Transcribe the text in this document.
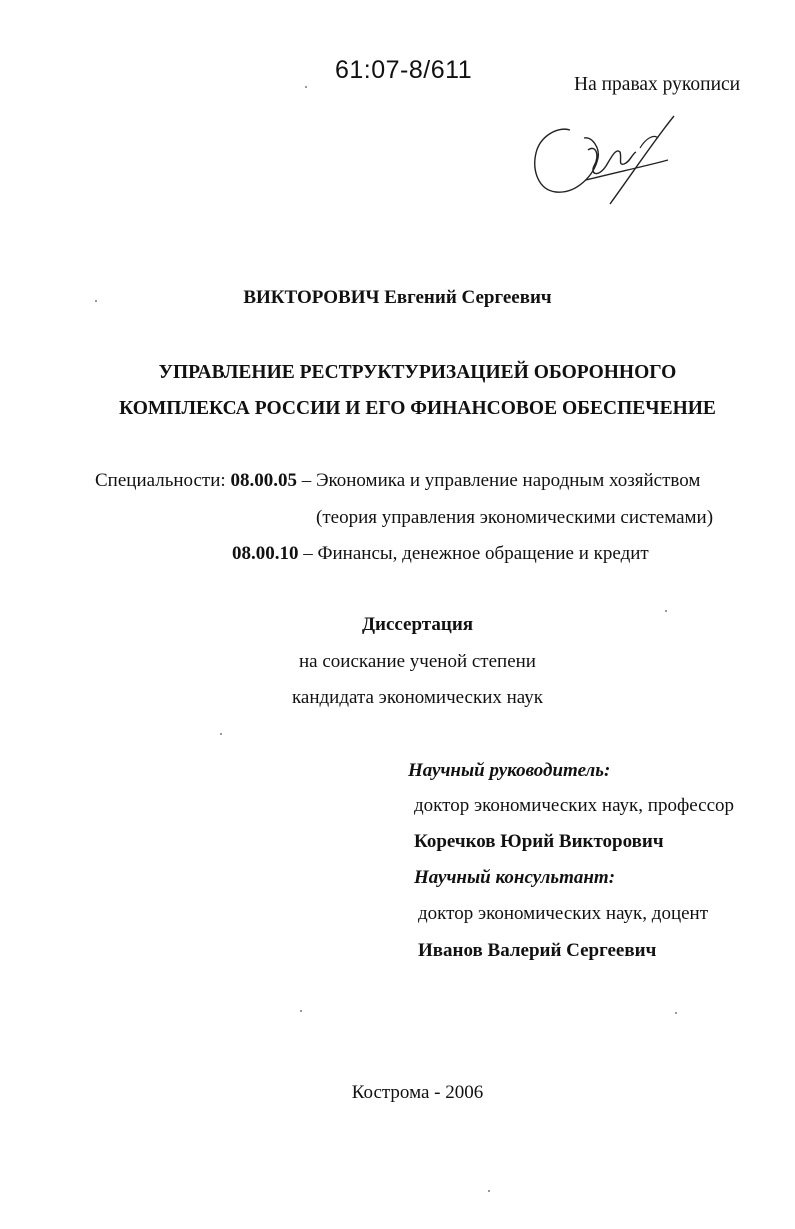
61:07-8/611
На правах рукописи
ВИКТОРОВИЧ Евгений Сергеевич
УПРАВЛЕНИЕ РЕСТРУКТУРИЗАЦИЕЙ ОБОРОННОГО
КОМПЛЕКСА РОССИИ И ЕГО ФИНАНСОВОЕ ОБЕСПЕЧЕНИЕ
Специальности: 08.00.05 – Экономика и управление народным хозяйством
(теория управления экономическими системами)
08.00.10 – Финансы, денежное обращение и кредит
Диссертация
на соискание ученой степени
кандидата экономических наук
Научный руководитель:
доктор экономических наук, профессор
Коречков Юрий Викторович
Научный консультант:
доктор экономических наук, доцент
Иванов Валерий Сергеевич
Кострома - 2006
